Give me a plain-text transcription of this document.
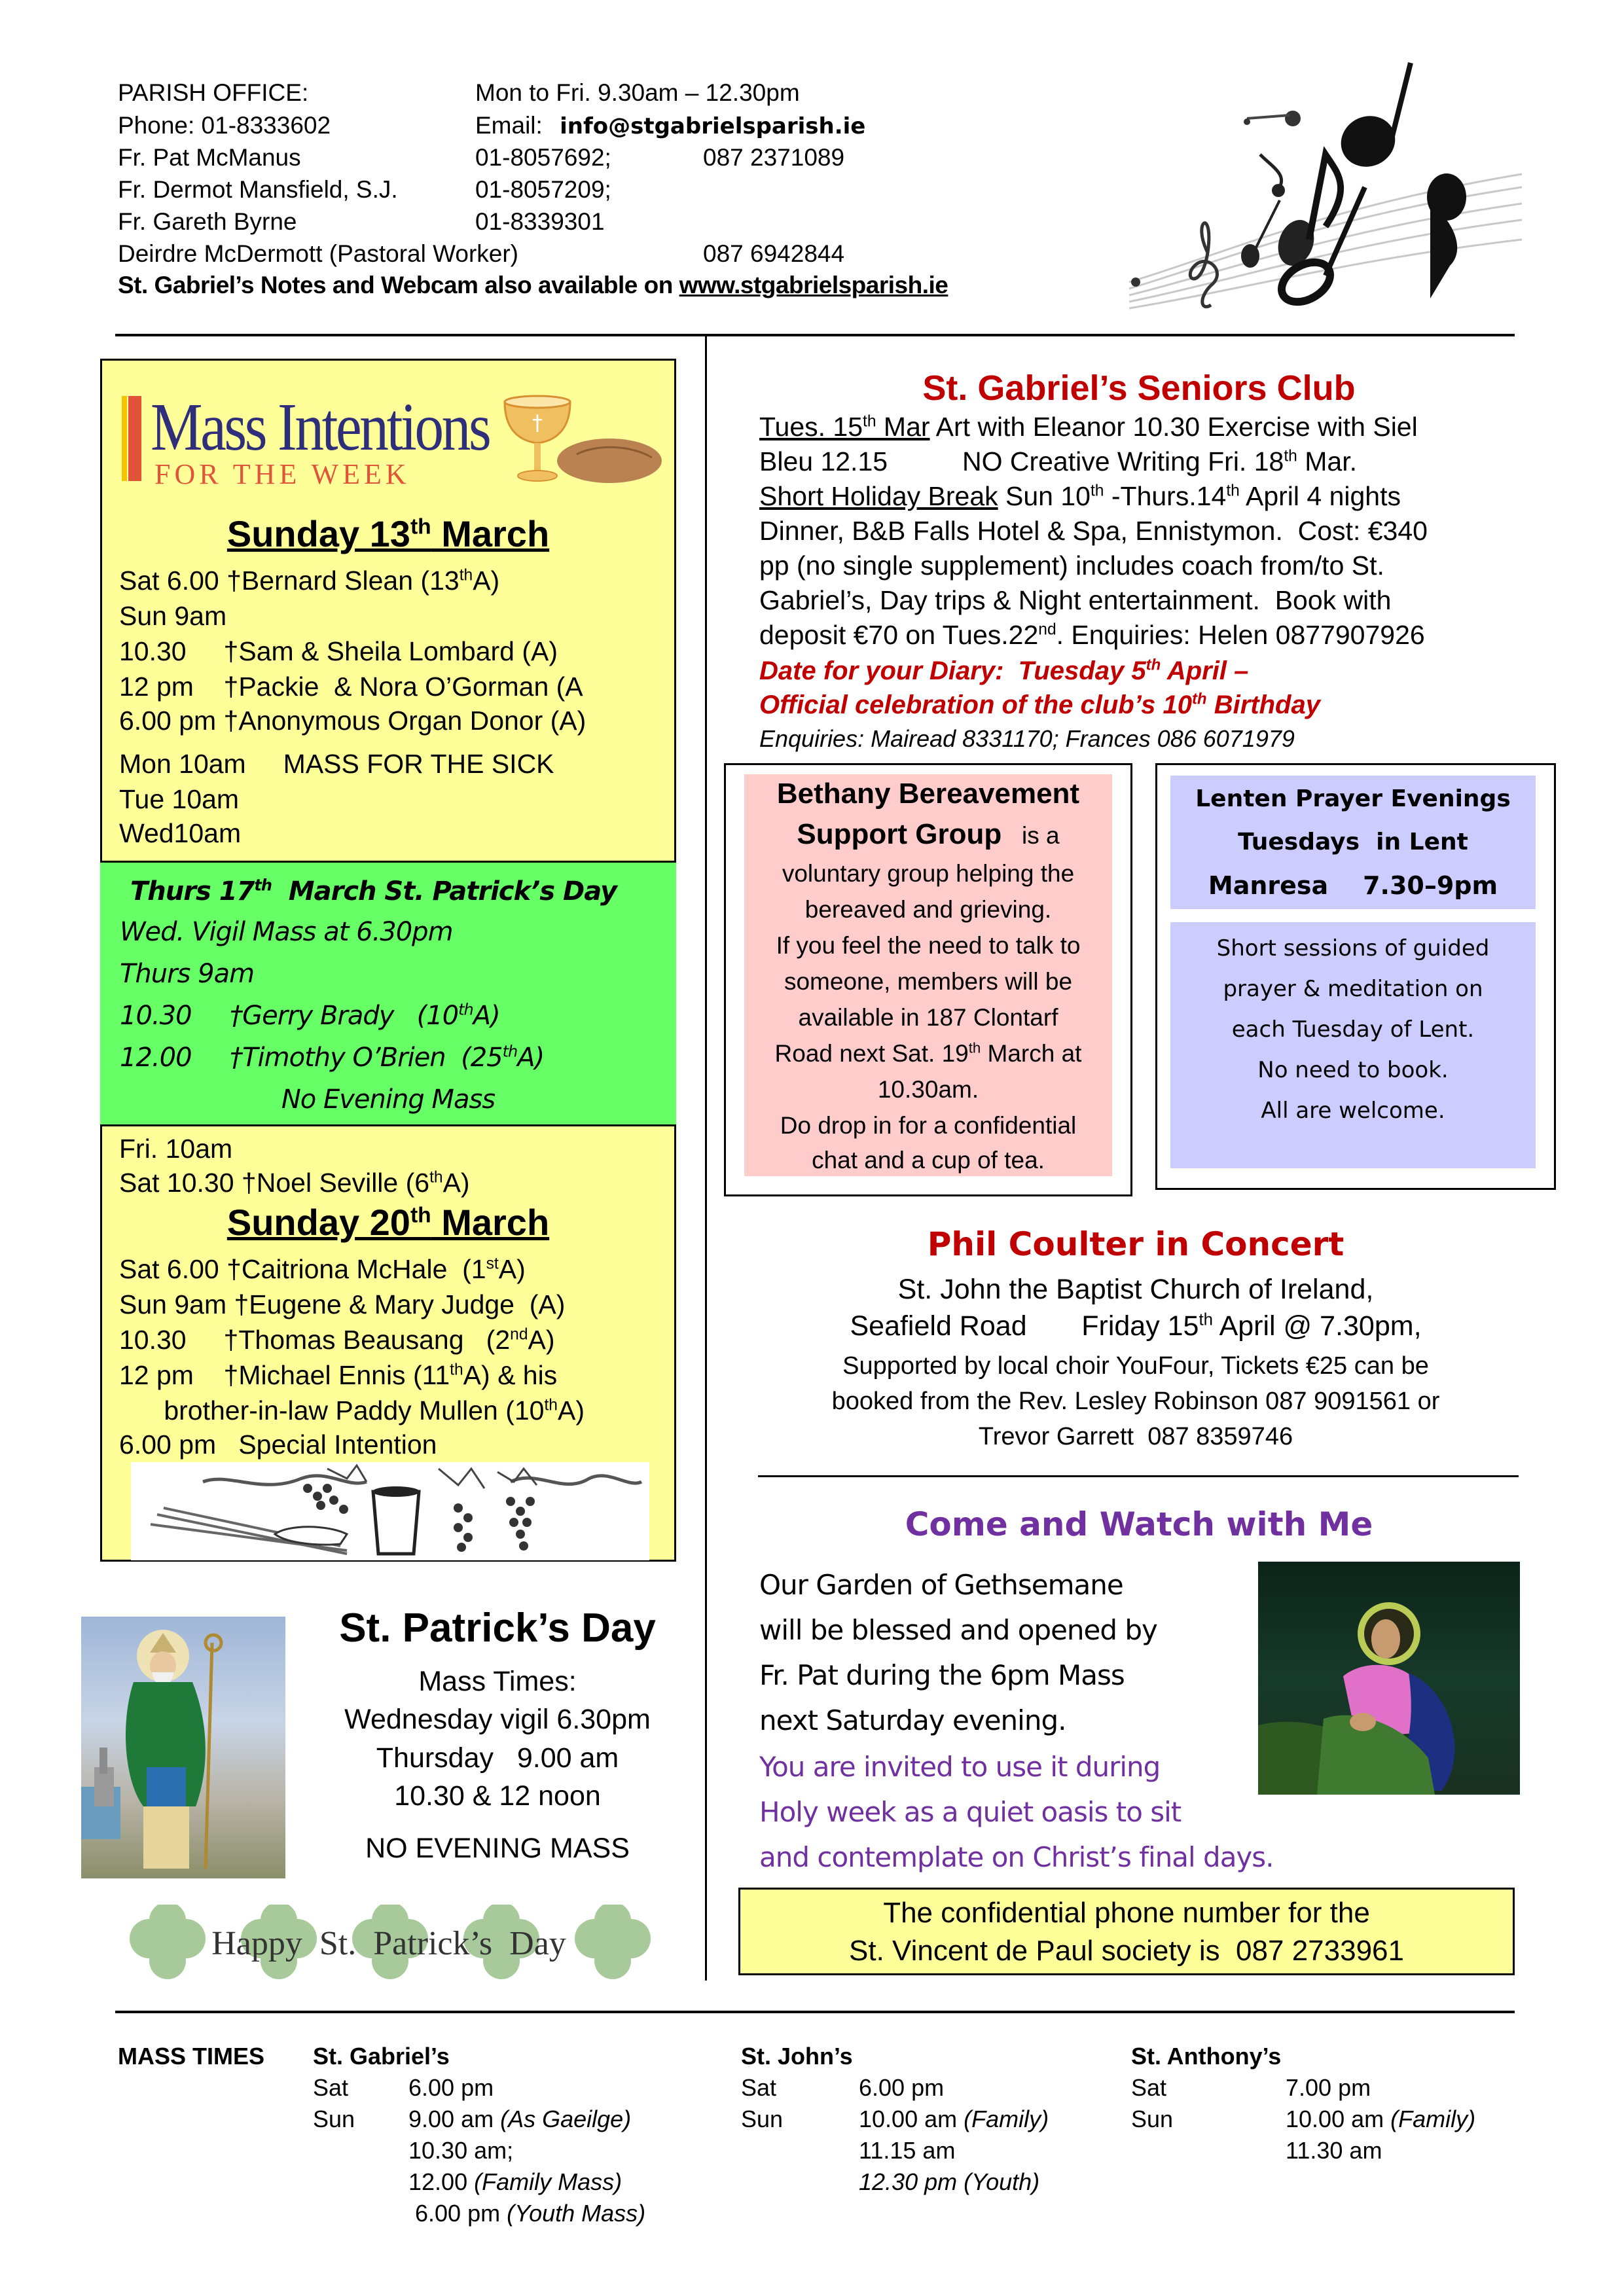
PARISH OFFICE:	Mon to Fri. 9.30am – 12.30pm
Phone: 01-8333602	Email: info@stgabrielsparish.ie
Fr. Pat McManus	01-8057692;	087 2371089
Fr. Dermot Mansfield, S.J.	01-8057209;
Fr. Gareth Byrne	01-8339301
Deirdre McDermott (Pastoral Worker)	087 6942844
St. Gabriel’s Notes and Webcam also available on www.stgabrielsparish.ie
Mass Intentions
FOR THE WEEK
†
Sunday 13th March
Sat 6.00 †Bernard Slean (13thA)
Sun 9am
10.30     †Sam & Sheila Lombard (A)
12 pm    †Packie  & Nora O’Gorman (A
6.00 pm †Anonymous Organ Donor (A)
Mon 10am     MASS FOR THE SICK
Tue 10am
Wed10am
Thurs 17th  March St. Patrick’s Day
Wed. Vigil Mass at 6.30pm
Thurs 9am
10.30     †Gerry Brady   (10thA)
12.00     †Timothy O’Brien  (25thA)
No Evening Mass
Fri. 10am
Sat 10.30 †Noel Seville (6thA)
Sunday 20th March
Sat 6.00 †Caitriona McHale  (1stA)
Sun 9am †Eugene & Mary Judge  (A)
10.30     †Thomas Beausang   (2ndA)
12 pm    †Michael Ennis (11thA) & his
brother-in-law Paddy Mullen (10thA)
6.00 pm   Special Intention
St. Patrick’s Day
Mass Times:
Wednesday vigil 6.30pm
Thursday   9.00 am
10.30 & 12 noon
NO EVENING MASS
Happy  St.  Patrick’s  Day
St. Gabriel’s Seniors Club
Tues. 15th Mar Art with Eleanor 10.30 Exercise with Siel
Bleu 12.15          NO Creative Writing Fri. 18th Mar.
Short Holiday Break Sun 10th -Thurs.14th April 4 nights
Dinner, B&B Falls Hotel & Spa, Ennistymon.  Cost: €340
pp (no single supplement) includes coach from/to St.
Gabriel’s, Day trips & Night entertainment.  Book with
deposit €70 on Tues.22nd. Enquiries: Helen 0877907926
Date for your Diary:  Tuesday 5th April –
Official celebration of the club’s 10th Birthday
Enquiries: Mairead 8331170; Frances 086 6071979
Bethany Bereavement
Support Group   is a
voluntary group helping the
bereaved and grieving.
If you feel the need to talk to
someone, members will be
available in 187 Clontarf
Road next Sat. 19th March at
10.30am.
Do drop in for a confidential
chat and a cup of tea.
Lenten Prayer Evenings
Tuesdays  in Lent
Manresa    7.30–9pm
Short sessions of guided
prayer & meditation on
each Tuesday of Lent.
No need to book.
All are welcome.
Phil Coulter in Concert
St. John the Baptist Church of Ireland,
Seafield Road       Friday 15th April @ 7.30pm,
Supported by local choir YouFour, Tickets €25 can be
booked from the Rev. Lesley Robinson 087 9091561 or
Trevor Garrett  087 8359746
Come and Watch with Me
Our Garden of Gethsemane
will be blessed and opened by
Fr. Pat during the 6pm Mass
next Saturday evening.
You are invited to use it during
Holy week as a quiet oasis to sit
and contemplate on Christ’s final days.
The confidential phone number for the
St. Vincent de Paul society is  087 2733961
MASS TIMES St. Gabriel’s
Sat	6.00 pm
Sun 9.00 am (As Gaeilge)
10.30 am;
12.00 (Family Mass)
6.00 pm (Youth Mass)
St. John’s
Sat	6.00 pm
Sun	10.00 am (Family)
11.15 am
12.30 pm (Youth)
St. Anthony’s
Sat	7.00 pm
Sun	10.00 am (Family)
11.30 am
